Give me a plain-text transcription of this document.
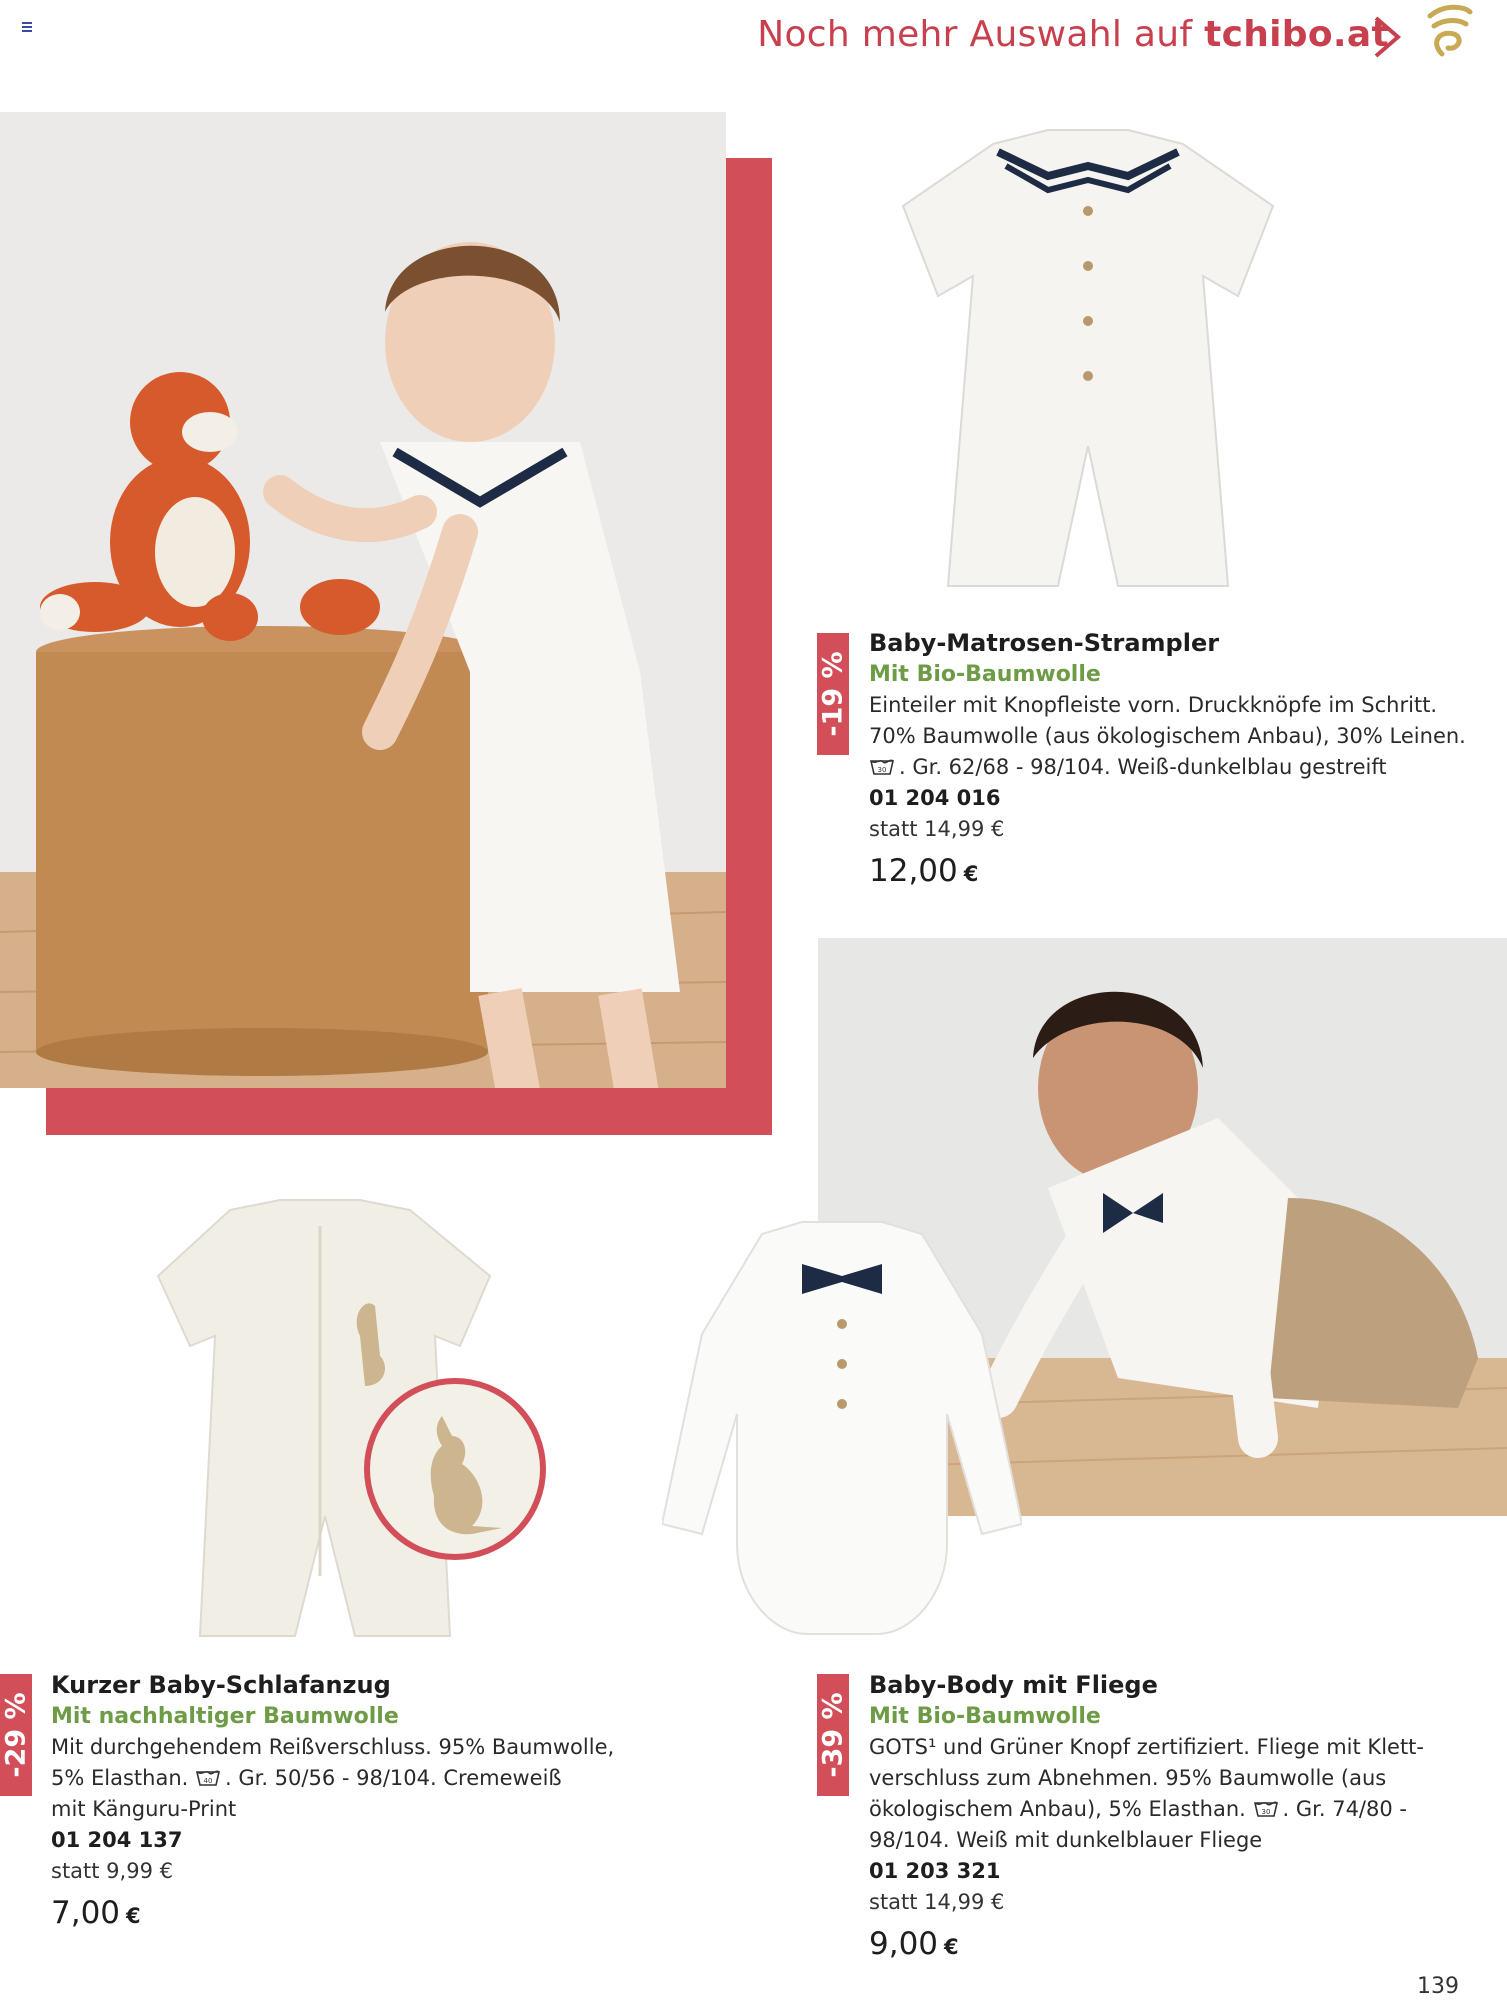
Noch mehr Auswahl auf tchibo.at
-19 %
Baby-Matrosen-Strampler
Mit Bio-Baumwolle
Einteiler mit Knopfleiste vorn. Druckknöpfe im Schritt.
70% Baumwolle (aus ökologischem Anbau), 30% Leinen.
30 . Gr. 62/68 - 98/104. Weiß-dunkelblau gestreift
01 204 016
statt 14,99 €
12,00 €
-29 %
Kurzer Baby-Schlafanzug
Mit nachhaltiger Baumwolle
Mit durchgehendem Reißverschluss. 95% Baumwolle,
5% Elasthan. 40 . Gr. 50/56 - 98/104. Cremeweiß
mit Känguru-Print
01 204 137
statt 9,99 €
7,00 €
-39 %
Baby-Body mit Fliege
Mit Bio-Baumwolle
GOTS¹ und Grüner Knopf zertifiziert. Fliege mit Klett-
verschluss zum Abnehmen. 95% Baumwolle (aus
ökologischem Anbau), 5% Elasthan. 30 . Gr. 74/80 -
98/104. Weiß mit dunkelblauer Fliege
01 203 321
statt 14,99 €
9,00 €
139
